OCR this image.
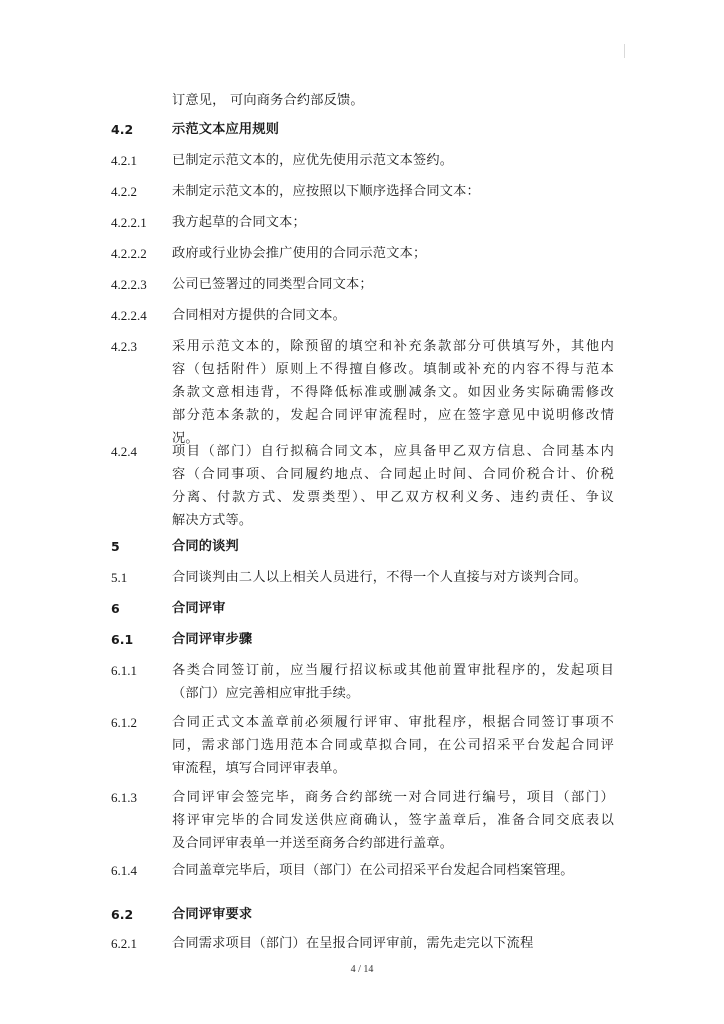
订意见， 可向商务合约部反馈。
4.2	示范文本应用规则
4.2.1	已制定示范文本的，应优先使用示范文本签约。
4.2.2	未制定示范文本的，应按照以下顺序选择合同文本：
4.2.2.1 我方起草的合同文本；
4.2.2.2 政府或行业协会推广使用的合同示范文本；
4.2.2.3 公司已签署过的同类型合同文本；
4.2.2.4 合同相对方提供的合同文本。
4.2.3	采用示范文本的，除预留的填空和补充条款部分可供填写外，其他内
容（包括附件）原则上不得擅自修改。填制或补充的内容不得与范本
条款文意相违背，不得降低标准或删减条文。如因业务实际确需修改
部分范本条款的，发起合同评审流程时，应在签字意见中说明修改情
况。
4.2.4	项目（部门）自行拟稿合同文本，应具备甲乙双方信息、合同基本内
容（合同事项、合同履约地点、合同起止时间、合同价税合计、价税
分离、付款方式、发票类型）、甲乙双方权利义务、违约责任、争议
解决方式等。
5	合同的谈判
5.1	合同谈判由二人以上相关人员进行，不得一个人直接与对方谈判合同。
6	合同评审
6.1	合同评审步骤
6.1.1	各类合同签订前，应当履行招议标或其他前置审批程序的，发起项目
（部门）应完善相应审批手续。
6.1.2	合同正式文本盖章前必须履行评审、审批程序，根据合同签订事项不
同，需求部门选用范本合同或草拟合同，在公司招采平台发起合同评
审流程，填写合同评审表单。
6.1.3	合同评审会签完毕，商务合约部统一对合同进行编号，项目（部门）
将评审完毕的合同发送供应商确认，签字盖章后，准备合同交底表以
及合同评审表单一并送至商务合约部进行盖章。
6.1.4	合同盖章完毕后，项目（部门）在公司招采平台发起合同档案管理。
6.2	合同评审要求
6.2.1	合同需求项目（部门）在呈报合同评审前，需先走完以下流程
4 / 14
